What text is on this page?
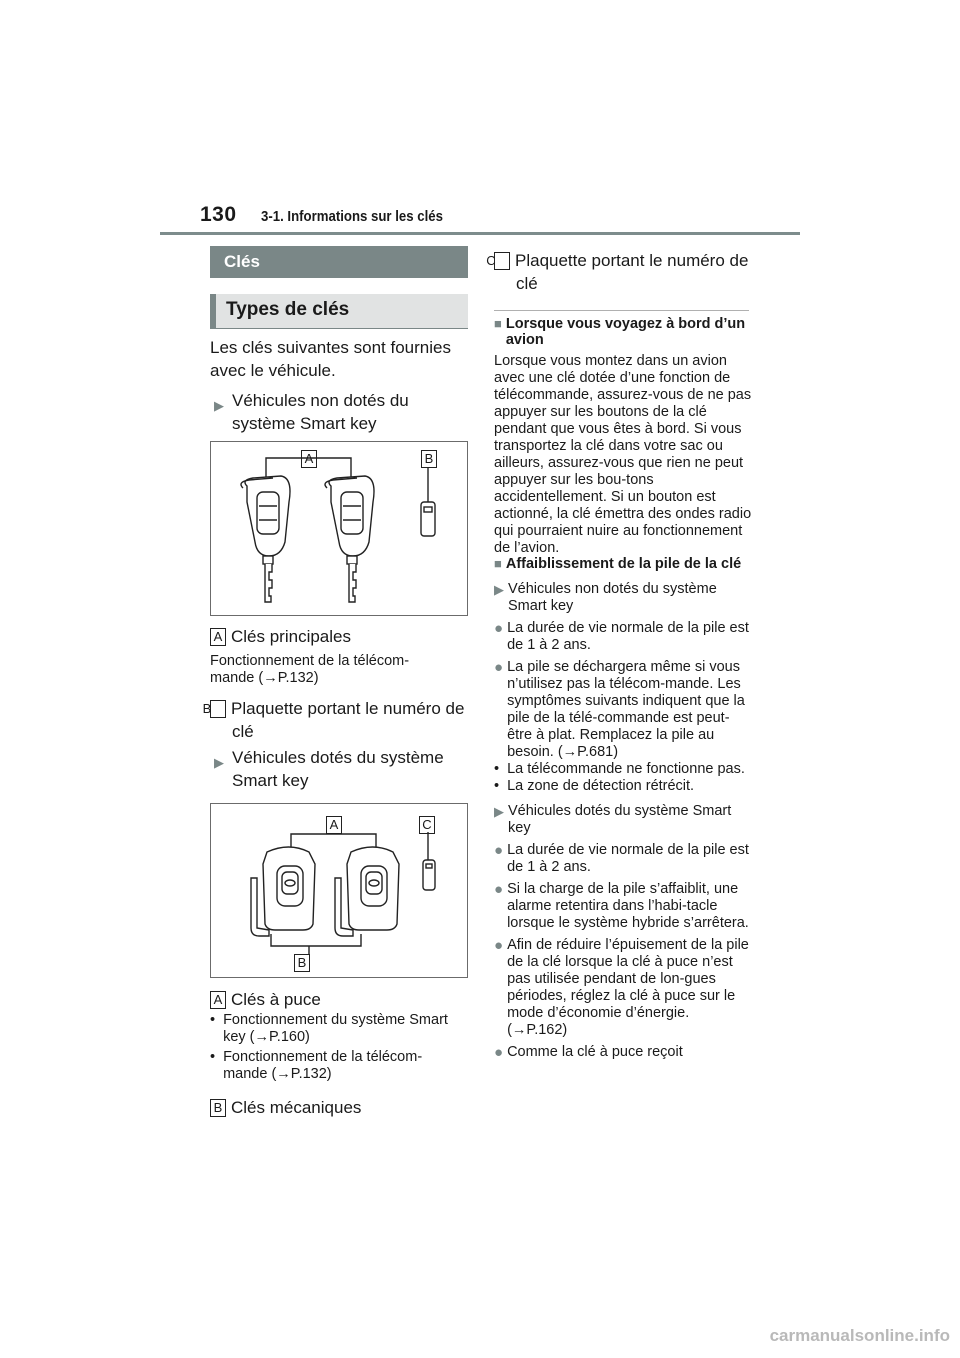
130 3-1. Informations sur les clés
Clés
Types de clés
Les clés suivantes sont fournies avec le véhicule.
▶ Véhicules non dotés du système Smart key
A	B
A Clés principales
Fonctionnement de la télécom-mande (→P.132)
B Plaquette portant le numéro de clé
▶ Véhicules dotés du système Smart key
A	C
B
A Clés à puce
• Fonctionnement du système Smart key (→P.160)
• Fonctionnement de la télécom-mande (→P.132)
B Clés mécaniques
C Plaquette portant le numéro de clé
■ Lorsque vous voyagez à bord d’un avion
Lorsque vous montez dans un avion avec une clé dotée d’une fonction de télécommande, assurez-vous de ne pas appuyer sur les boutons de la clé pendant que vous êtes à bord. Si vous transportez la clé dans votre sac ou ailleurs, assurez-vous que rien ne peut appuyer sur les bou-tons accidentellement. Si un bouton est actionné, la clé émettra des ondes radio qui pourraient nuire au fonctionnement de l’avion.
■ Affaiblissement de la pile de la clé
▶ Véhicules non dotés du système Smart key
● La durée de vie normale de la pile est de 1 à 2 ans.
● La pile se déchargera même si vous n’utilisez pas la télécom-mande. Les symptômes suivants indiquent que la pile de la télé-commande est peut-être à plat. Remplacez la pile au besoin. (→P.681)
• La télécommande ne fonctionne pas.
• La zone de détection rétrécit.
▶ Véhicules dotés du système Smart key
● La durée de vie normale de la pile est de 1 à 2 ans.
● Si la charge de la pile s’affaiblit, une alarme retentira dans l’habi-tacle lorsque le système hybride s’arrêtera.
● Afin de réduire l’épuisement de la pile de la clé lorsque la clé à puce n’est pas utilisée pendant de lon-gues périodes, réglez la clé à puce sur le mode d’économie d’énergie. (→P.162)
● Comme la clé à puce reçoit
carmanualsonline.info
